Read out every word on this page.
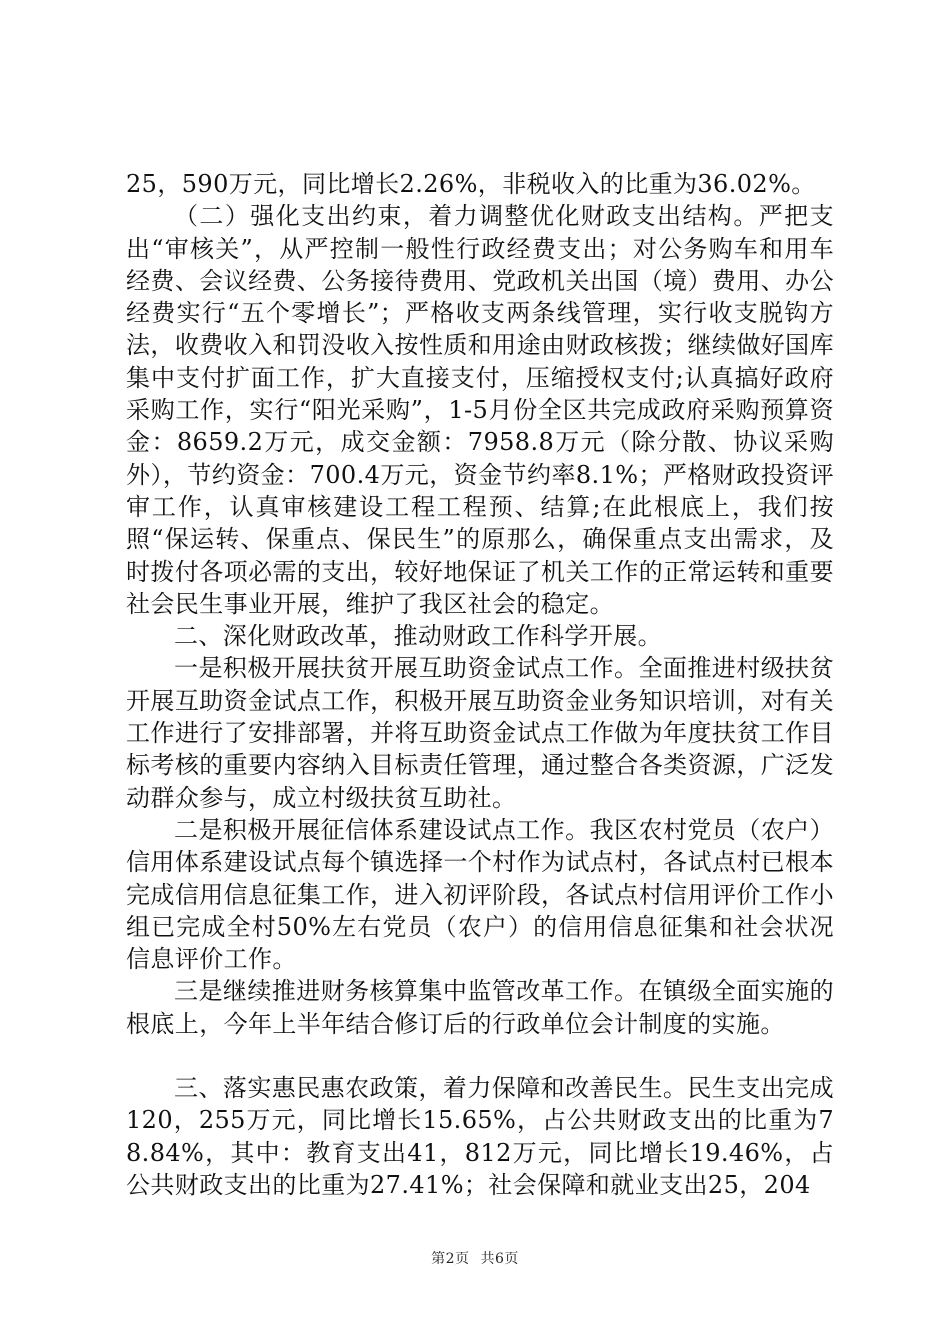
25，590万元，同比增长2.26%，非税收入的比重为36.02%。

（二）强化支出约束，着力调整优化财政支出结构。严把支出“审核关”，从严控制一般性行政经费支出；对公务购车和用车经费、会议经费、公务接待费用、党政机关出国（境）费用、办公经费实行“五个零增长”；严格收支两条线管理，实行收支脱钩方法，收费收入和罚没收入按性质和用途由财政核拨；继续做好国库集中支付扩面工作，扩大直接支付，压缩授权支付;认真搞好政府采购工作，实行“阳光采购”，1-5月份全区共完成政府采购预算资金：8659.2万元，成交金额：7958.8万元（除分散、协议采购外），节约资金：700.4万元，资金节约率8.1%；严格财政投资评审工作，认真审核建设工程工程预、结算;在此根底上，我们按照“保运转、保重点、保民生”的原那么，确保重点支出需求，及时拨付各项必需的支出，较好地保证了机关工作的正常运转和重要社会民生事业开展，维护了我区社会的稳定。

二、深化财政改革，推动财政工作科学开展。

一是积极开展扶贫开展互助资金试点工作。全面推进村级扶贫开展互助资金试点工作，积极开展互助资金业务知识培训，对有关工作进行了安排部署，并将互助资金试点工作做为年度扶贫工作目标考核的重要内容纳入目标责任管理，通过整合各类资源，广泛发动群众参与，成立村级扶贫互助社。

二是积极开展征信体系建设试点工作。我区农村党员（农户）信用体系建设试点每个镇选择一个村作为试点村，各试点村已根本完成信用信息征集工作，进入初评阶段，各试点村信用评价工作小组已完成全村50%左右党员（农户）的信用信息征集和社会状况信息评价工作。

三是继续推进财务核算集中监管改革工作。在镇级全面实施的根底上，今年上半年结合修订后的行政单位会计制度的实施。

三、落实惠民惠农政策，着力保障和改善民生。民生支出完成120，255万元，同比增长15.65%，占公共财政支出的比重为78.84%，其中：教育支出41，812万元，同比增长19.46%，占公共财政支出的比重为27.41%；社会保障和就业支出25，204

第2页 共6页
